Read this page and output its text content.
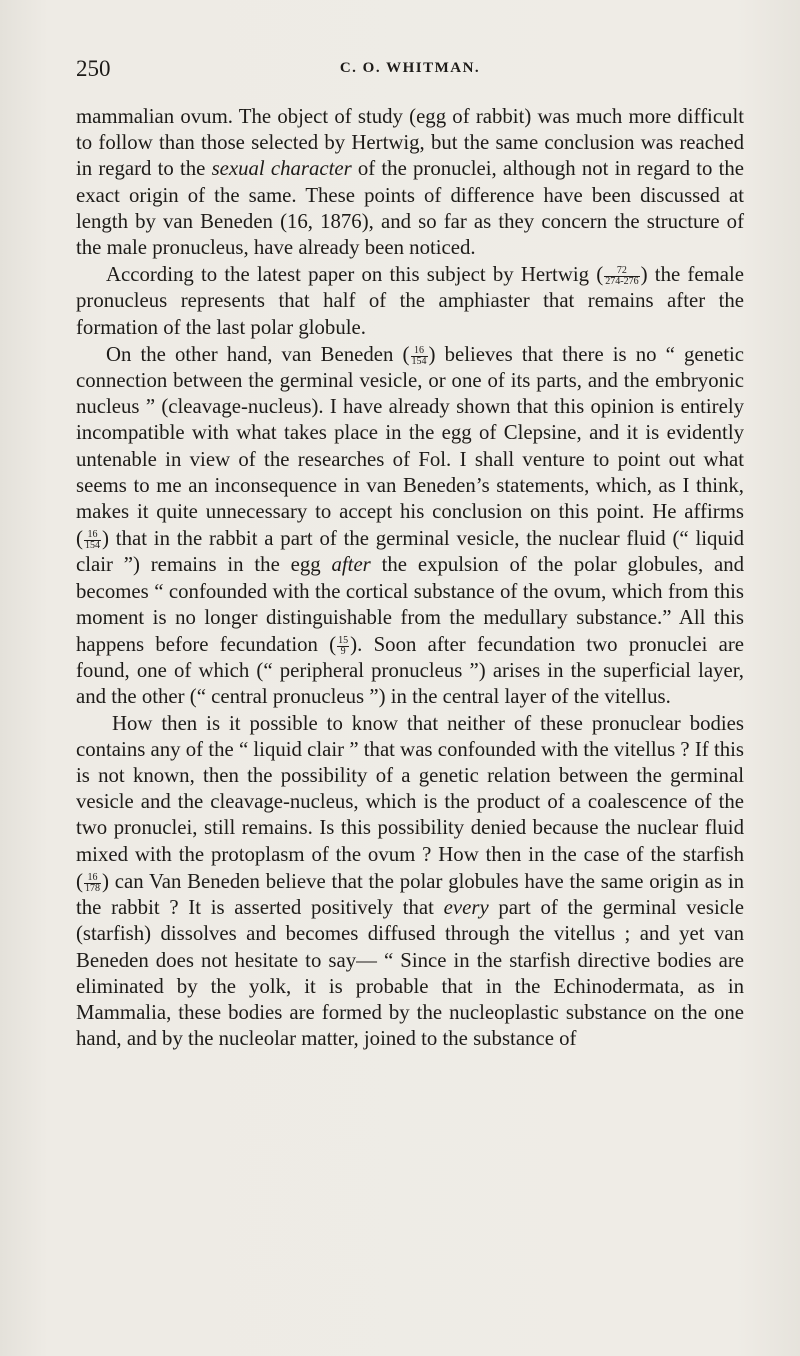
250	C. O. WHITMAN.

mammalian ovum. The object of study (egg of rabbit) was much more difficult to follow than those selected by Hertwig, but the same conclusion was reached in regard to the sexual character of the pronuclei, although not in regard to the exact origin of the same. These points of difference have been discussed at length by van Beneden (16, 1876), and so far as they concern the structure of the male pronucleus, have already been noticed.

According to the latest paper on this subject by Hertwig ( $\frac{72}{274-276}$ ) the female pronucleus represents that half of the amphiaster that remains after the formation of the last polar globule.

On the other hand, van Beneden ( $\frac{16}{154}$ ) believes that there is no “ genetic connection between the germinal vesicle, or one of its parts, and the embryonic nucleus ” (cleavage-nucleus). I have already shown that this opinion is entirely incompatible with what takes place in the egg of Clepsine, and it is evidently untenable in view of the researches of Fol. I shall venture to point out what seems to me an inconsequence in van Beneden’s statements, which, as I think, makes it quite unnecessary to accept his conclusion on this point. He affirms ( $\frac{16}{154}$ ) that in the rabbit a part of the germinal vesicle, the nuclear fluid (“ liquid clair ”) remains in the egg after the expulsion of the polar globules, and becomes “ confounded with the cortical substance of the ovum, which from this moment is no longer distinguishable from the medullary substance.” All this happens before fecundation ( $\frac{15}{9}$ ). Soon after fecundation two pronuclei are found, one of which (“ peripheral pronucleus ”) arises in the superficial layer, and the other (“ central pronucleus ”) in the central layer of the vitellus.

How then is it possible to know that neither of these pronuclear bodies contains any of the “ liquid clair ” that was confounded with the vitellus ? If this is not known, then the possibility of a genetic relation between the germinal vesicle and the cleavage-nucleus, which is the product of a coalescence of the two pronuclei, still remains. Is this possibility denied because the nuclear fluid mixed with the protoplasm of the ovum ? How then in the case of the starfish ( $\frac{16}{178}$ ) can Van Beneden believe that the polar globules have the same origin as in the rabbit ? It is asserted positively that every part of the germinal vesicle (starfish) dissolves and becomes diffused through the vitellus ; and yet van Beneden does not hesitate to say— “ Since in the starfish directive bodies are eliminated by the yolk, it is probable that in the Echinodermata, as in Mammalia, these bodies are formed by the nucleoplastic substance on the one hand, and by the nucleolar matter, joined to the substance of
